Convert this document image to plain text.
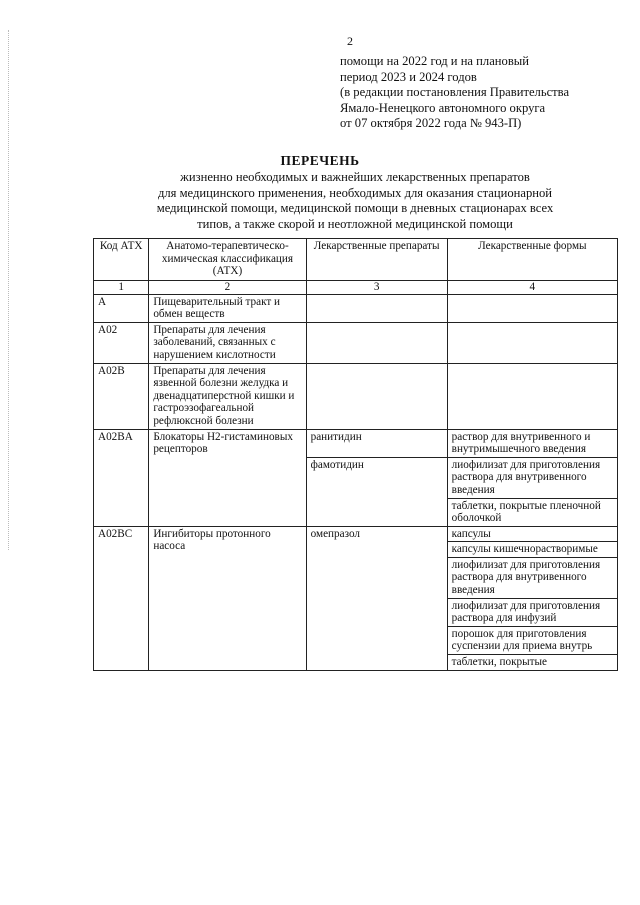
2
помощи на 2022 год и на плановый
период 2023 и 2024 годов
(в редакции постановления Правительства
Ямало-Ненецкого автономного округа
от 07 октября 2022 года № 943-П)
ПЕРЕЧЕНЬ
жизненно необходимых и важнейших лекарственных препаратов
для медицинского применения, необходимых для оказания стационарной
медицинской помощи, медицинской помощи в дневных стационарах всех
типов, а также скорой и неотложной медицинской помощи
Код АТХ	Анатомо-терапевтическо-химическая классификация (АТХ)	Лекарственные препараты	Лекарственные формы
1	2	3	4
A	Пищеварительный тракт и обмен веществ		
A02	Препараты для лечения заболеваний, связанных с нарушением кислотности		
A02B	Препараты для лечения язвенной болезни желудка и двенадцатиперстной кишки и гастроэзофагеальной рефлюксной болезни		
A02BA	Блокаторы Н2-гистаминовых рецепторов	ранитидин	раствор для внутривенного и внутримышечного введения
		фамотидин	лиофилизат для приготовления раствора для внутривенного введения
			таблетки, покрытые пленочной оболочкой
A02BC	Ингибиторы протонного насоса	омепразол	капсулы
			капсулы кишечнорастворимые
			лиофилизат для приготовления раствора для внутривенного введения
			лиофилизат для приготовления раствора для инфузий
			порошок для приготовления суспензии для приема внутрь
			таблетки, покрытые
